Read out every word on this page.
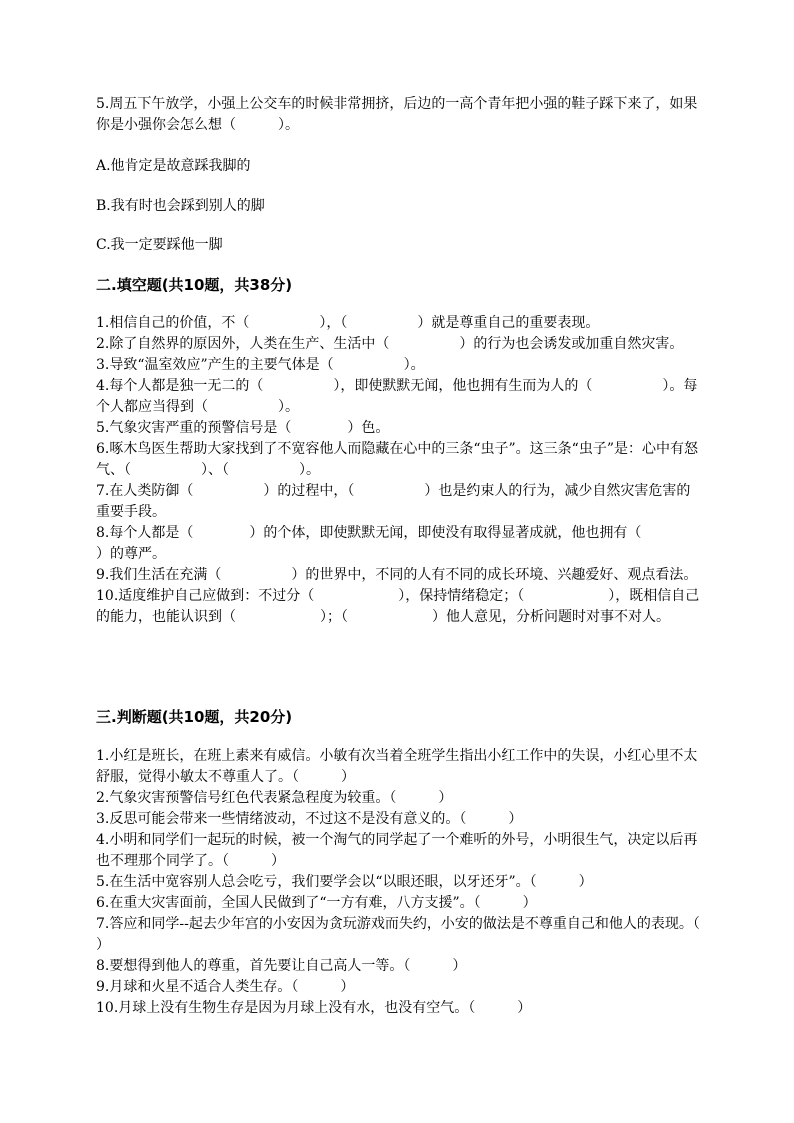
5.周五下午放学，小强上公交车的时候非常拥挤，后边的一高个青年把小强的鞋子踩下来了，如果你是小强你会怎么想（　　　）。

A.他肯定是故意踩我脚的

B.我有时也会踩到别人的脚

C.我一定要踩他一脚

二.填空题(共10题，共38分)

1.相信自己的价值，不（　　　　　），（　　　　　）就是尊重自己的重要表现。

2.除了自然界的原因外，人类在生产、生活中（　　　　　）的行为也会诱发或加重自然灾害。

3.导致“温室效应”产生的主要气体是（　　　　　）。

4.每个人都是独一无二的（　　　　　），即使默默无闻，他也拥有生而为人的（　　　　　）。每个人都应当得到（　　　　　）。

5.气象灾害严重的预警信号是（　　　　）色。

6.啄木鸟医生帮助大家找到了不宽容他人而隐藏在心中的三条“虫子”。这三条“虫子”是：心中有怒气、（　　　　　）、（　　　　　）。

7.在人类防御（　　　　　）的过程中，（　　　　　）也是约束人的行为，减少自然灾害危害的重要手段。

8.每个人都是（　　　　）的个体，即使默默无闻，即使没有取得显著成就，他也拥有（　　　　　）的尊严。

9.我们生活在充满（　　　　　）的世界中，不同的人有不同的成长环境、兴趣爱好、观点看法。

10.适度维护自己应做到：不过分（　　　　　　），保持情绪稳定；（　　　　　　），既相信自己的能力，也能认识到（　　　　　　）；（　　　　　　）他人意见，分析问题时对事不对人。

三.判断题(共10题，共20分)

1.小红是班长，在班上素来有威信。小敏有次当着全班学生指出小红工作中的失误，小红心里不太舒服，觉得小敏太不尊重人了。（　　　）

2.气象灾害预警信号红色代表紧急程度为较重。（　　　）

3.反思可能会带来一些情绪波动，不过这不是没有意义的。（　　　）

4.小明和同学们一起玩的时候，被一个淘气的同学起了一个难听的外号，小明很生气，决定以后再也不理那个同学了。（　　　）

5.在生活中宽容别人总会吃亏，我们要学会以“以眼还眼，以牙还牙”。（　　　）

6.在重大灾害面前，全国人民做到了“一方有难，八方支援”。（　　　）

7.答应和同学--起去少年宫的小安因为贪玩游戏而失约，小安的做法是不尊重自己和他人的表现。（　　　）

8.要想得到他人的尊重，首先要让自己高人一等。（　　　）

9.月球和火星不适合人类生存。（　　　）

10.月球上没有生物生存是因为月球上没有水，也没有空气。（　　　）
